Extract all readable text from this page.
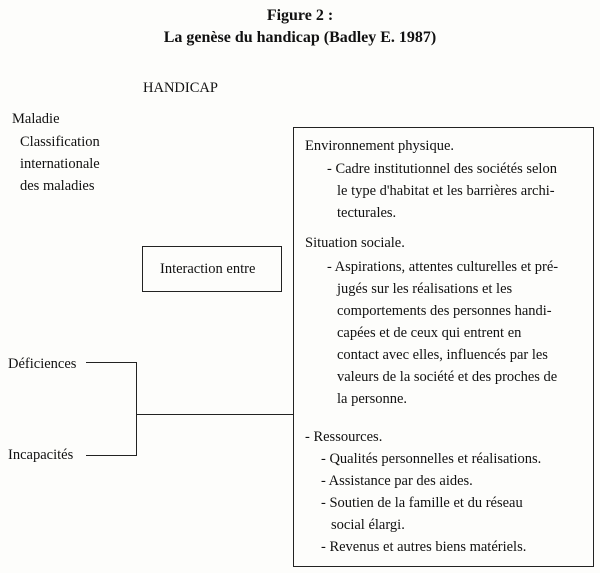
Figure 2 :
La genèse du handicap (Badley E. 1987)
HANDICAP
Maladie
Classification
internationale
des maladies
Déficiences
Incapacités
Interaction entre
Environnement physique.

- Cadre institutionnel des sociétés selon

le type d'habitat et les barrières archi-

tecturales.

Situation sociale.

- Aspirations, attentes culturelles et pré-

jugés sur les réalisations et les

comportements des personnes handi-

capées et de ceux qui entrent en

contact avec elles, influencés par les

valeurs de la société et des proches de

la personne.

- Ressources.

- Qualités personnelles et réalisations.

- Assistance par des aides.

- Soutien de la famille et du réseau

social élargi.

- Revenus et autres biens matériels.
